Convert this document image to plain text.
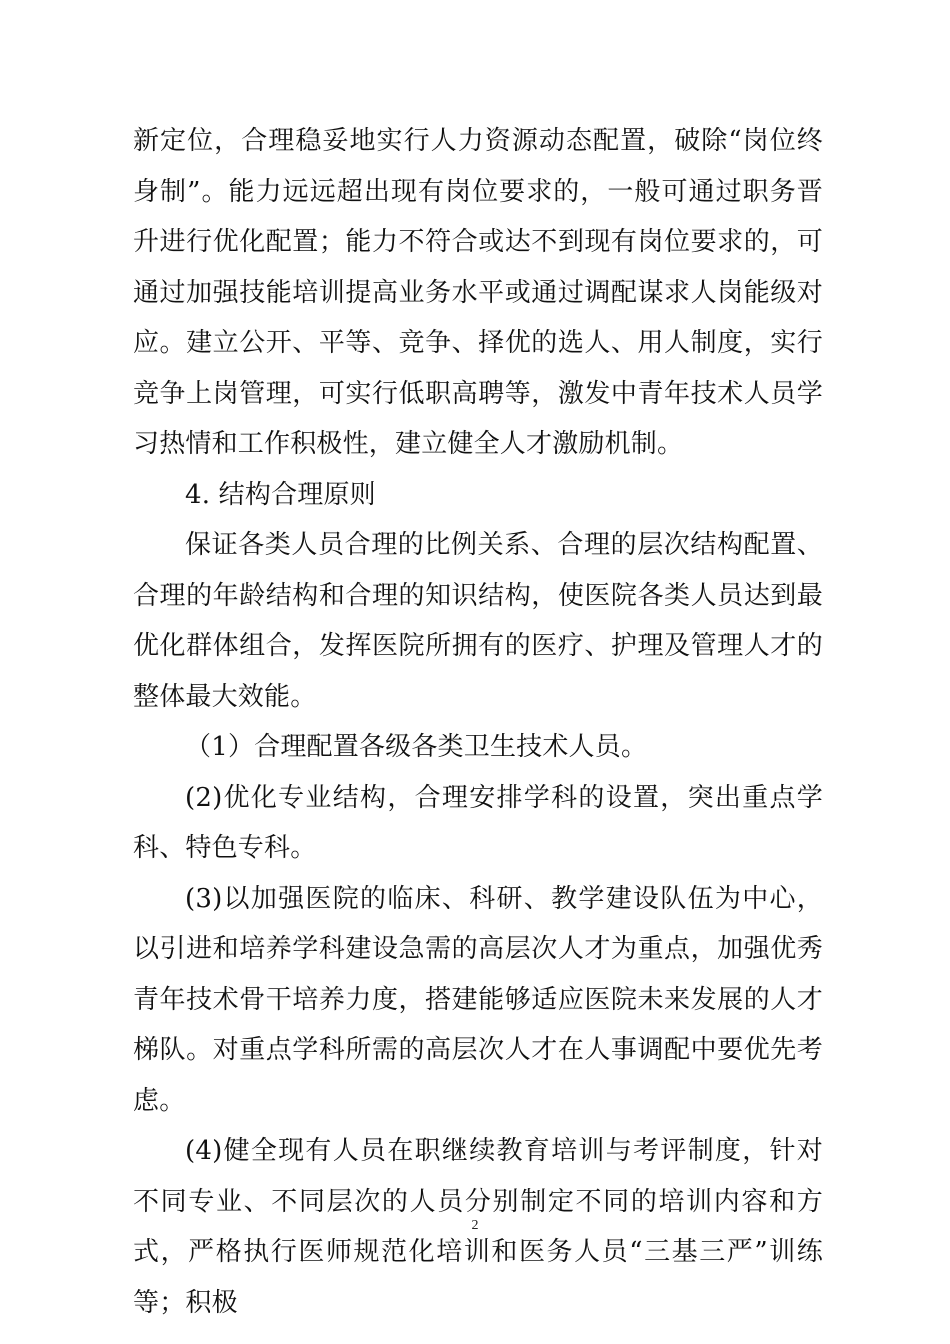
新定位，合理稳妥地实行人力资源动态配置，破除“岗位终身制”。能力远远超出现有岗位要求的，一般可通过职务晋升进行优化配置；能力不符合或达不到现有岗位要求的，可通过加强技能培训提高业务水平或通过调配谋求人岗能级对应。建立公开、平等、竞争、择优的选人、用人制度，实行竞争上岗管理，可实行低职高聘等，激发中青年技术人员学习热情和工作积极性，建立健全人才激励机制。

4. 结构合理原则

保证各类人员合理的比例关系、合理的层次结构配置、合理的年龄结构和合理的知识结构，使医院各类人员达到最优化群体组合，发挥医院所拥有的医疗、护理及管理人才的整体最大效能。

（1）合理配置各级各类卫生技术人员。

(2)优化专业结构，合理安排学科的设置，突出重点学科、特色专科。

(3)以加强医院的临床、科研、教学建设队伍为中心，以引进和培养学科建设急需的高层次人才为重点，加强优秀青年技术骨干培养力度，搭建能够适应医院未来发展的人才梯队。对重点学科所需的高层次人才在人事调配中要优先考虑。

(4)健全现有人员在职继续教育培训与考评制度，针对不同专业、不同层次的人员分别制定不同的培训内容和方式，严格执行医师规范化培训和医务人员“三基三严”训练等；积极

2
